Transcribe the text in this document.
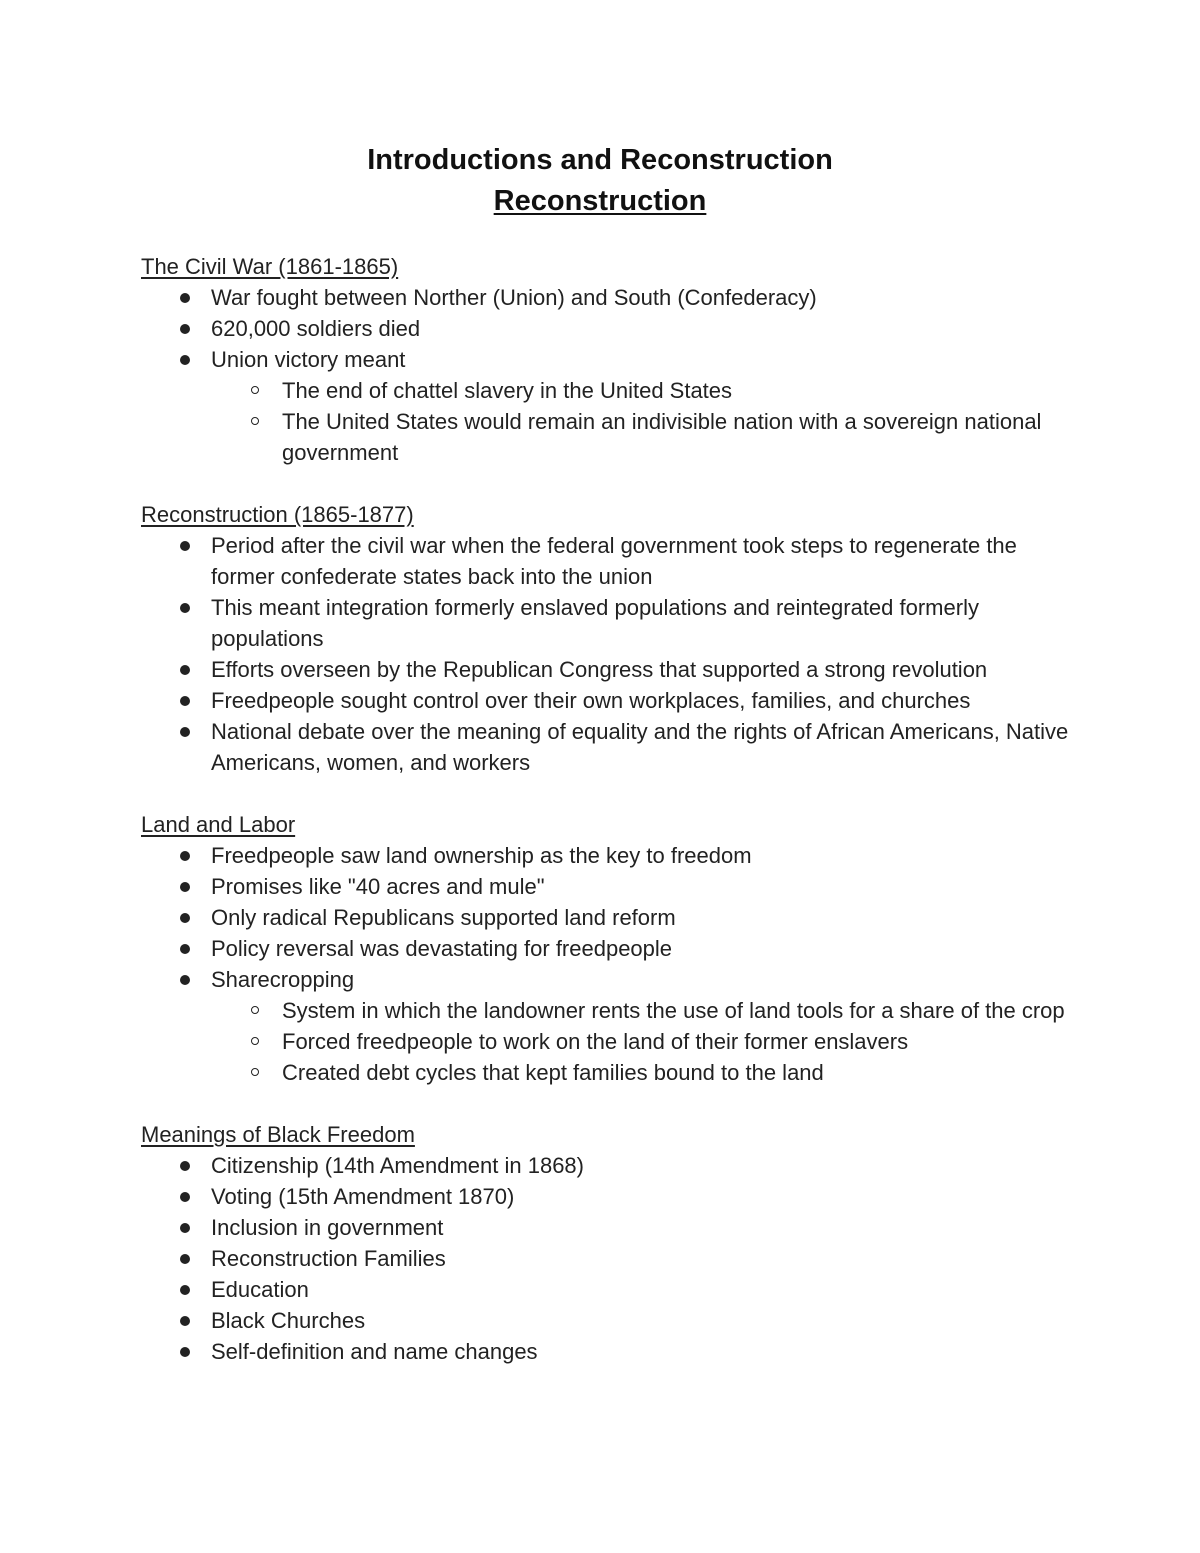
Introductions and Reconstruction
Reconstruction
The Civil War (1861-1865)
War fought between Norther (Union) and South (Confederacy)
620,000 soldiers died
Union victory meant
The end of chattel slavery in the United States
The United States would remain an indivisible nation with a sovereign national government
Reconstruction (1865-1877)
Period after the civil war when the federal government took steps to regenerate the former confederate states back into the union
This meant integration formerly enslaved populations and reintegrated formerly populations
Efforts overseen by the Republican Congress that supported a strong revolution
Freedpeople sought control over their own workplaces, families, and churches
National debate over the meaning of equality and the rights of African Americans, Native Americans, women, and workers
Land and Labor
Freedpeople saw land ownership as the key to freedom
Promises like "40 acres and mule"
Only radical Republicans supported land reform
Policy reversal was devastating for freedpeople
Sharecropping
System in which the landowner rents the use of land tools for a share of the crop
Forced freedpeople to work on the land of their former enslavers
Created debt cycles that kept families bound to the land
Meanings of Black Freedom
Citizenship (14th Amendment in 1868)
Voting (15th Amendment 1870)
Inclusion in government
Reconstruction Families
Education
Black Churches
Self-definition and name changes
